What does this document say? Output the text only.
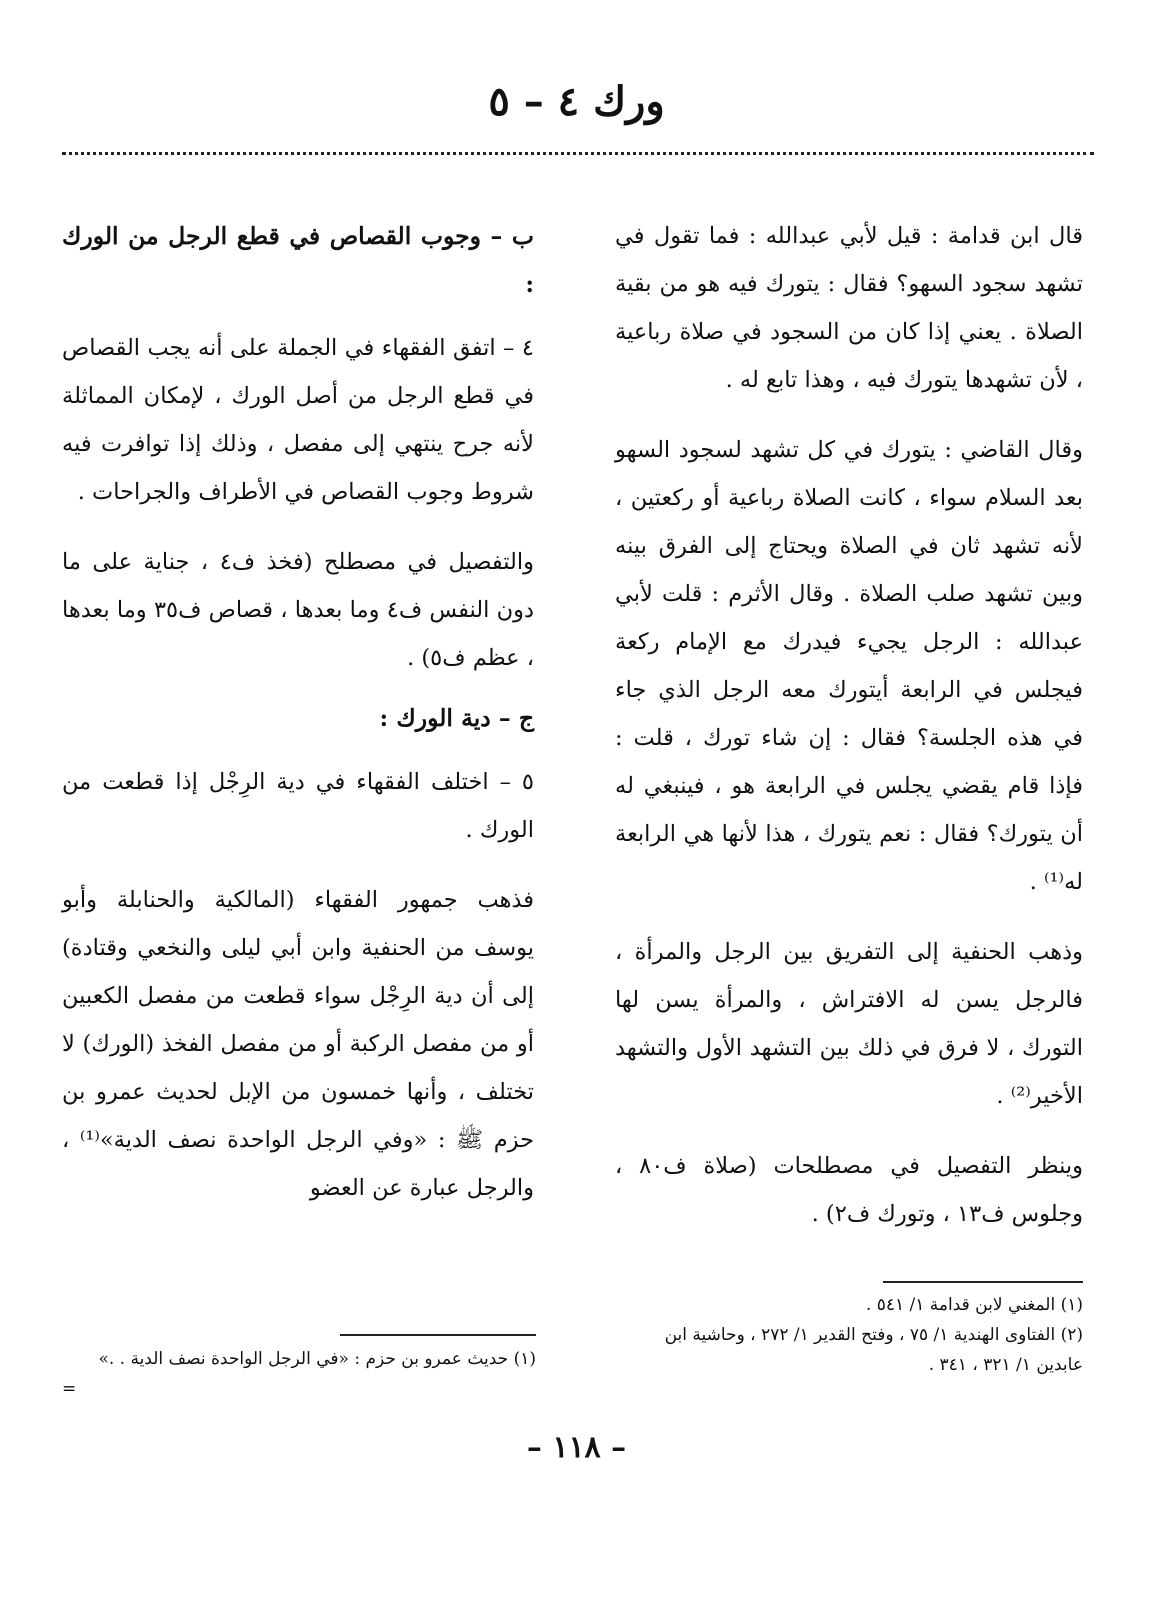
ورك ٤ – ٥

قال ابن قدامة : قيل لأبي عبدالله : فما تقول في تشهد سجود السهو؟ فقال : يتورك فيه هو من بقية الصلاة . يعني إذا كان من السجود في صلاة رباعية ، لأن تشهدها يتورك فيه ، وهذا تابع له .

وقال القاضي : يتورك في كل تشهد لسجود السهو بعد السلام سواء ، كانت الصلاة رباعية أو ركعتين ، لأنه تشهد ثان في الصلاة ويحتاج إلى الفرق بينه وبين تشهد صلب الصلاة . وقال الأثرم : قلت لأبي عبدالله : الرجل يجيء فيدرك مع الإمام ركعة فيجلس في الرابعة أيتورك معه الرجل الذي جاء في هذه الجلسة؟ فقال : إن شاء تورك ، قلت : فإذا قام يقضي يجلس في الرابعة هو ، فينبغي له أن يتورك؟ فقال : نعم يتورك ، هذا لأنها هي الرابعة له⁽¹⁾ .

وذهب الحنفية إلى التفريق بين الرجل والمرأة ، فالرجل يسن له الافتراش ، والمرأة يسن لها التورك ، لا فرق في ذلك بين التشهد الأول والتشهد الأخير⁽²⁾ .

وينظر التفصيل في مصطلحات (صلاة ف٨٠ ، وجلوس ف١٣ ، وتورك ف٢) .

ب – وجوب القصاص في قطع الرجل من الورك :

٤ – اتفق الفقهاء في الجملة على أنه يجب القصاص في قطع الرجل من أصل الورك ، لإمكان المماثلة لأنه جرح ينتهي إلى مفصل ، وذلك إذا توافرت فيه شروط وجوب القصاص في الأطراف والجراحات .

والتفصيل في مصطلح (فخذ ف٤ ، جناية على ما دون النفس ف٤ وما بعدها ، قصاص ف٣٥ وما بعدها ، عظم ف٥) .

ج – دية الورك :

٥ – اختلف الفقهاء في دية الرِجْل إذا قطعت من الورك .

فذهب جمهور الفقهاء (المالكية والحنابلة وأبو يوسف من الحنفية وابن أبي ليلى والنخعي وقتادة) إلى أن دية الرِجْل سواء قطعت من مفصل الكعبين أو من مفصل الركبة أو من مفصل الفخذ (الورك) لا تختلف ، وأنها خمسون من الإبل لحديث عمرو بن حزم ﷺ : «وفي الرجل الواحدة نصف الدية»⁽¹⁾ ، والرجل عبارة عن العضو

(١) المغني لابن قدامة ١/ ٥٤١ .
(٢) الفتاوى الهندية ١/ ٧٥ ، وفتح القدير ١/ ٢٧٢ ، وحاشية ابن عابدين ١/ ٣٢١ ، ٣٤١ .
(١) حديث عمرو بن حزم : «في الرجل الواحدة نصف الدية . .»
=
– ١١٨ –
